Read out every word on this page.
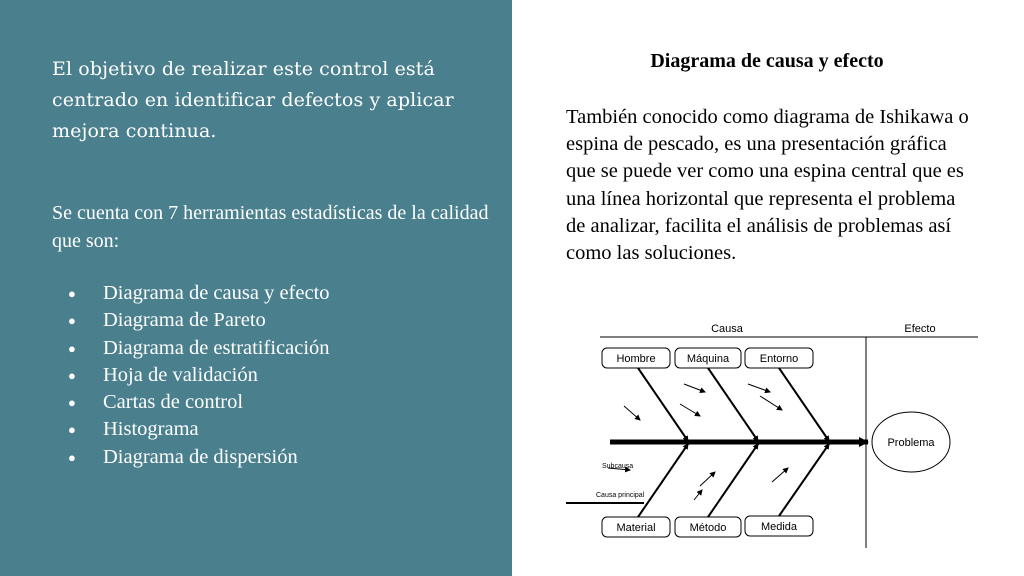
El objetivo de realizar este control está centrado en identificar defectos y aplicar mejora continua.

Se cuenta con 7 herramientas estadísticas de la calidad que son:

●	Diagrama de causa y efecto
●	Diagrama de Pareto
●	Diagrama de estratificación
●	Hoja de validación
●	Cartas de control
●	Histograma
●	Diagrama de dispersión
Diagrama de causa y efecto

También conocido como diagrama de Ishikawa o espina de pescado, es una presentación gráfica que se puede ver como una espina central que es una línea horizontal que representa el problema de analizar, facilita el análisis de problemas así como las soluciones.

Causa	Efecto
Hombre	Máquina	Entorno
Material	Método	Medida
Subcausa
Causa principal
Problema
